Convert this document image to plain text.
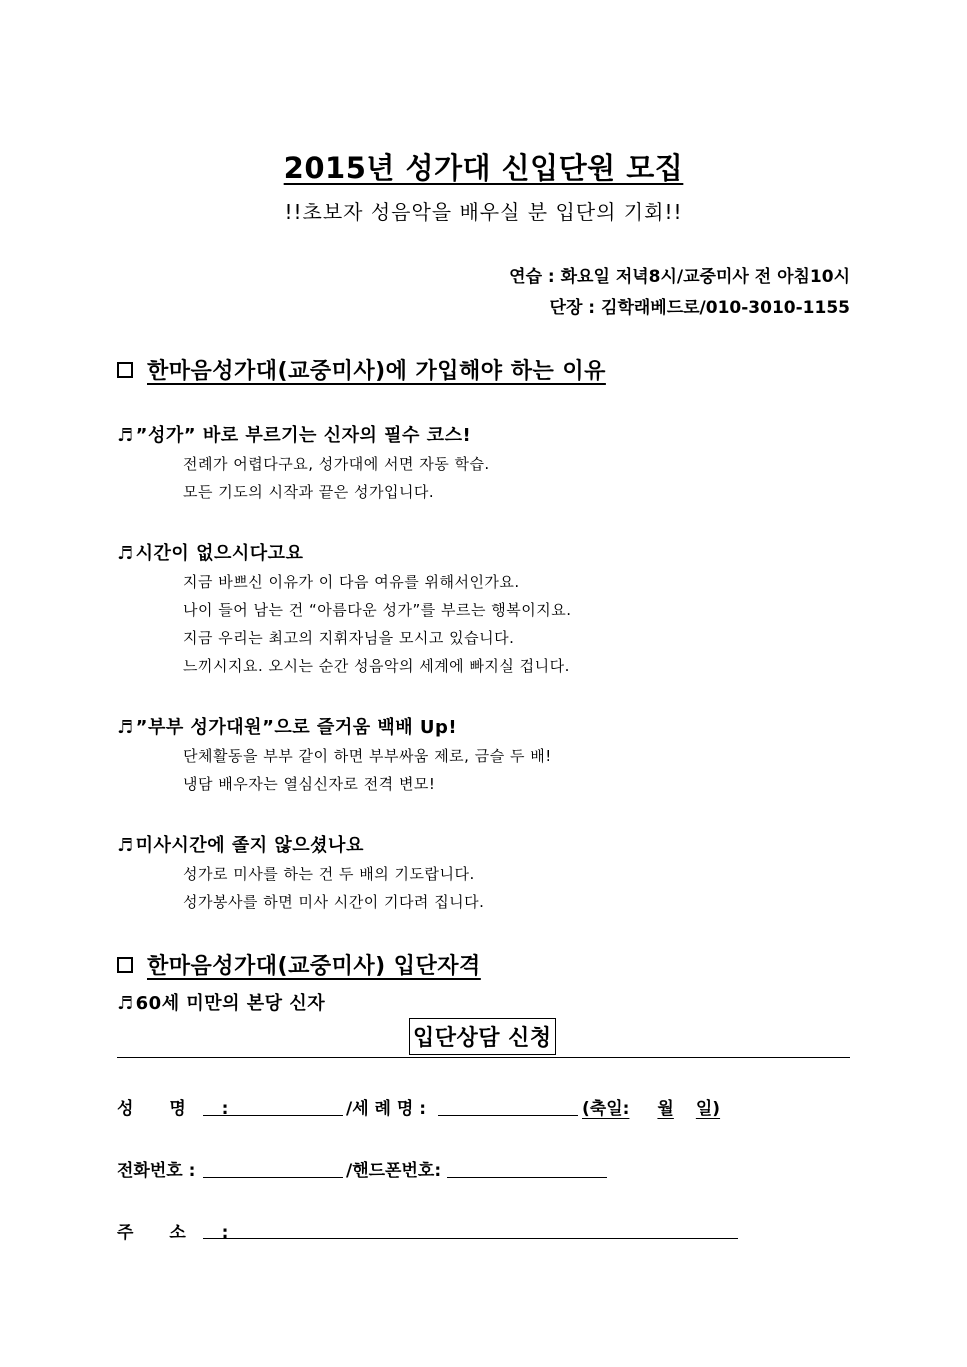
2015년 성가대 신입단원 모집
!!초보자 성음악을 배우실 분 입단의 기회!!
연습 : 화요일 저녁8시/교중미사 전 아침10시
단장 : 김학래베드로/010-3010-1155
한마음성가대(교중미사)에 가입해야 하는 이유
♬ ”성가” 바로 부르기는 신자의 필수 코스!
전례가 어렵다구요, 성가대에 서면 자동 학습.
모든 기도의 시작과 끝은 성가입니다.
♬ 시간이 없으시다고요
지금 바쁘신 이유가 이 다음 여유를 위해서인가요.
나이 들어 남는 건 “아름다운 성가”를 부르는 행복이지요.
지금 우리는 최고의 지휘자님을 모시고 있습니다.
느끼시지요. 오시는 순간 성음악의 세계에 빠지실 겁니다.
♬ ”부부 성가대원”으로 즐거움 백배 Up!
단체활동을 부부 같이 하면 부부싸움 제로, 금슬 두 배!
냉담 배우자는 열심신자로 전격 변모!
♬ 미사시간에 졸지 않으셨나요
성가로 미사를 하는 건 두 배의 기도랍니다.
성가봉사를 하면 미사 시간이 기다려 집니다.
한마음성가대(교중미사) 입단자격
♬ 60세 미만의 본당 신자
입단상담 신청
성 명 :	/세 례 명 :	(축일: 월 일)
전화번호 :	/핸드폰번호:
주 소 :
